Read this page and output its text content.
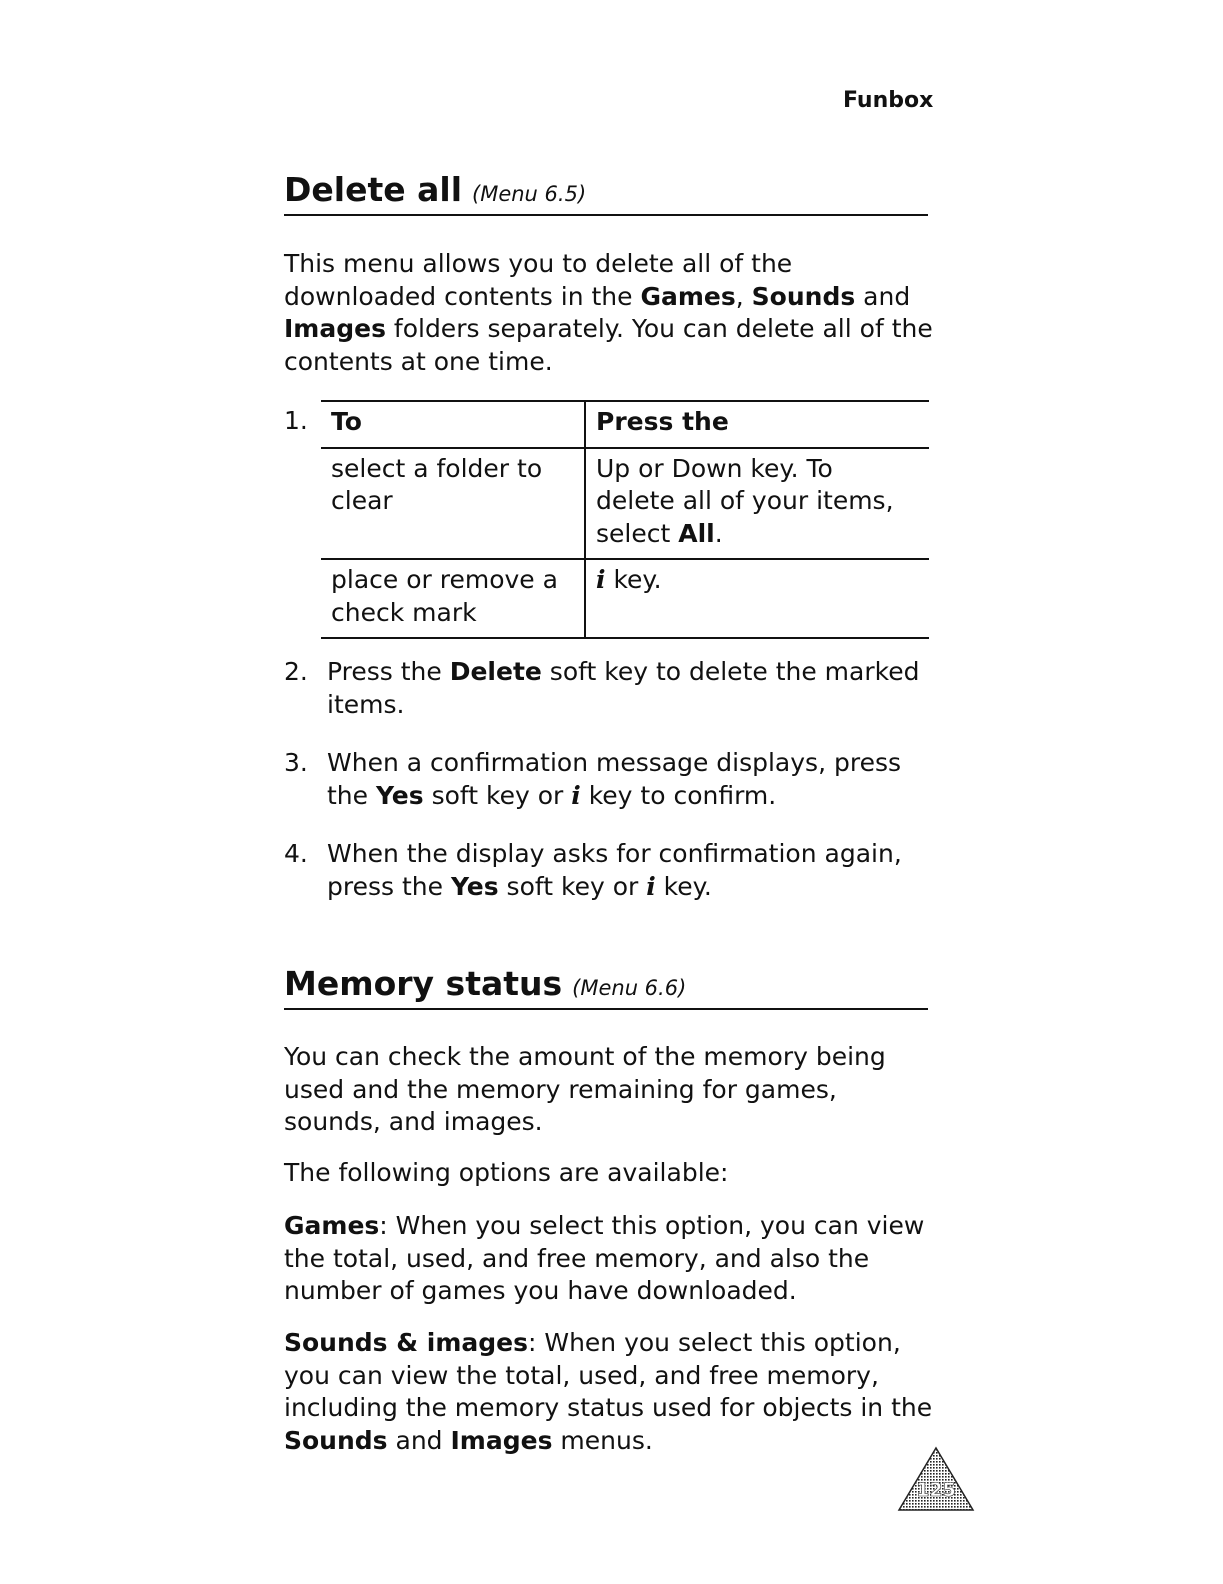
Funbox
Delete all (Menu 6.5)

This menu allows you to delete all of the downloaded contents in the Games, Sounds and Images folders separately. You can delete all of the contents at one time.

1. To	Press the
select a folder to clear	Up or Down key. To delete all of your items, select All.
place or remove a check mark	i key.
2. Press the Delete soft key to delete the marked items.
3. When a confirmation message displays, press the Yes soft key or i key to confirm.
4. When the display asks for confirmation again, press the Yes soft key or i key.
Memory status (Menu 6.6)

You can check the amount of the memory being used and the memory remaining for games, sounds, and images.

The following options are available:

Games: When you select this option, you can view the total, used, and free memory, and also the number of games you have downloaded.

Sounds & images: When you select this option, you can view the total, used, and free memory, including the memory status used for objects in the Sounds and Images menus.

125
